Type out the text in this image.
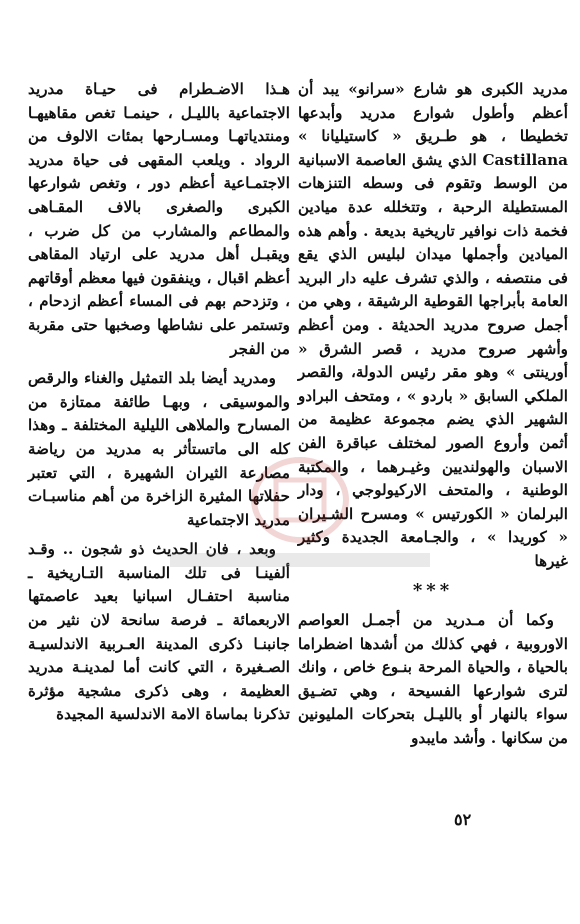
مدريد الكبرى هو شارع «سرانو» يبد أن أعظم وأطول شوارع مدريد وأبدعها تخطيطا ، هو طـريق « كاستيليانا » Castillana الذي يشق العاصمة الاسبانية من الوسط وتقوم فى وسطه التنزهات المستطيلة الرحبة ، وتتخلله عدة ميادين فخمة ذات نوافير تاريخية بديعة . وأهم هذه الميادين وأجملها ميدان لبليس الذي يقع فى منتصفه ، والذي تشرف عليه دار البريد العامة بأبراجها القوطية الرشيقة ، وهي من أجمل صروح مدريد الحديثة . ومن أعظم وأشهر صروح مدريد ، قصر الشرق « أورينتى » وهو مقر رئيس الدولة، والقصر الملكي السابق « باردو » ، ومتحف البرادو الشهير الذي يضم مجموعة عظيمة من أثمن وأروع الصور لمختلف عباقرة الفن الاسبان والهولنديين وغيـرهما ، والمكتبة الوطنية ، والمتحف الاركيولوجي ، ودار البرلمان « الكورتيس » ومسرح الشـيران « كوريدا » ، والجـامعة الجديدة وكثير غيرها

***

وكما أن مـدريد من أجمـل العواصم الاوروبية ، فهي كذلك من أشدها اضطراما بالحياة ، والحياة المرحة بنـوع خاص ، وانك لترى شوارعها الفسيحة ، وهي تضـيق سواء بالنهار أو بالليـل بتحركات المليونين من سكانها . وأشد مايبدو

هـذا الاضـطرام فى حيـاة مدريد الاجتماعية بالليـل ، حينمـا تغص مقاهيهـا ومنتدياتهـا ومسـارحها بمئات الالوف من الرواد . ويلعب المقهى فى حياة مدريد الاجتمـاعية أعظم دور ، وتغص شوارعها الكبرى والصغرى بالاف المقـاهى والمطاعم والمشارب من كل ضرب ، ويقبـل أهل مدريد على ارتياد المقاهى أعظم اقبال ، وينفقون فيها معظم أوقاتهم ، وتزدحم بهم فى المساء أعظم ازدحام ، وتستمر على نشاطها وصخبها حتى مقربة من الفجر

ومدريد أيضا بلد التمثيل والغناء والرقص والموسيقى ، وبهـا طائفة ممتازة من المسارح والملاهى الليلية المختلفة ـ وهذا كله الى ماتستأثر به مدريد من رياضة مصارعة الثيران الشهيرة ، التي تعتبر حفلاتها المثيرة الزاخرة من أهم مناسبـات مدريد الاجتماعية

وبعد ، فان الحديث ذو شجون .. وقـد ألفينـا فى تلك المناسبة التـاريخية ـ مناسبة احتفـال اسبانيا بعيد عاصمتها الاربعمائة ـ فرصة سانحة لان نثير من جانبنـا ذكرى المدينة العـربية الاندلسيـة الصـغيرة ، التي كانت أما لمدينـة مدريد العظيمة ، وهى ذكرى مشجية مؤثرة تذكرنا بماساة الامة الاندلسية المجيدة

٥٢
